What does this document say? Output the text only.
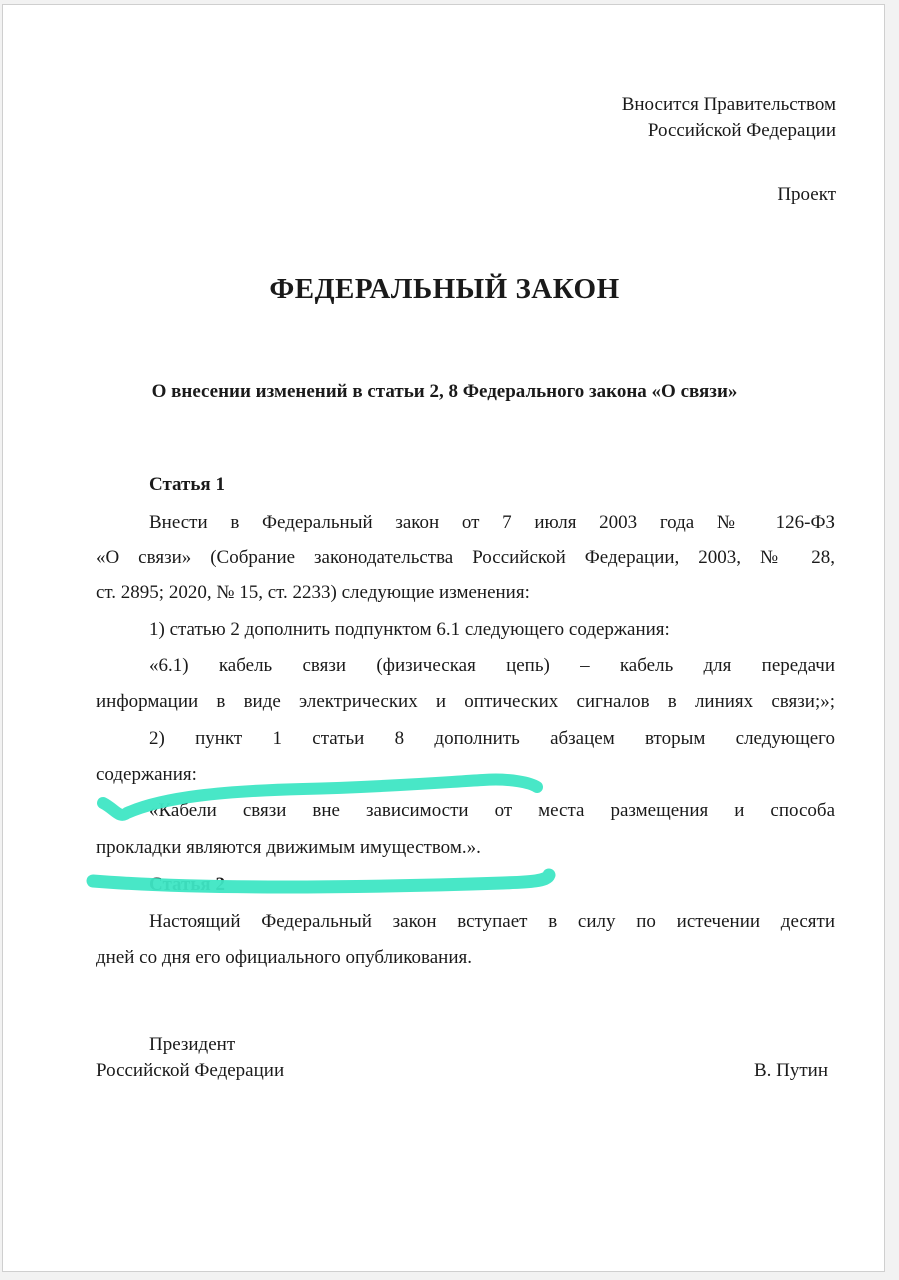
Вносится Правительством
Российской Федерации
Проект
ФЕДЕРАЛЬНЫЙ ЗАКОН
О внесении изменений в статьи 2, 8 Федерального закона «О связи»
Статья 1
Внести в Федеральный закон от 7 июля 2003 года № 126-ФЗ
«О связи» (Собрание законодательства Российской Федерации, 2003, № 28,
ст. 2895; 2020, № 15, ст. 2233) следующие изменения:
1) статью 2 дополнить подпунктом 6.1 следующего содержания:
«6.1) кабель связи (физическая цепь) – кабель для передачи
информации в виде электрических и оптических сигналов в линиях связи;»;
2) пункт 1 статьи 8 дополнить абзацем вторым следующего
содержания:
«Кабели связи вне зависимости от места размещения и способа
прокладки являются движимым имуществом.».
Статья 2
Настоящий Федеральный закон вступает в силу по истечении десяти
дней со дня его официального опубликования.
Президент
Российской Федерации	В. Путин
